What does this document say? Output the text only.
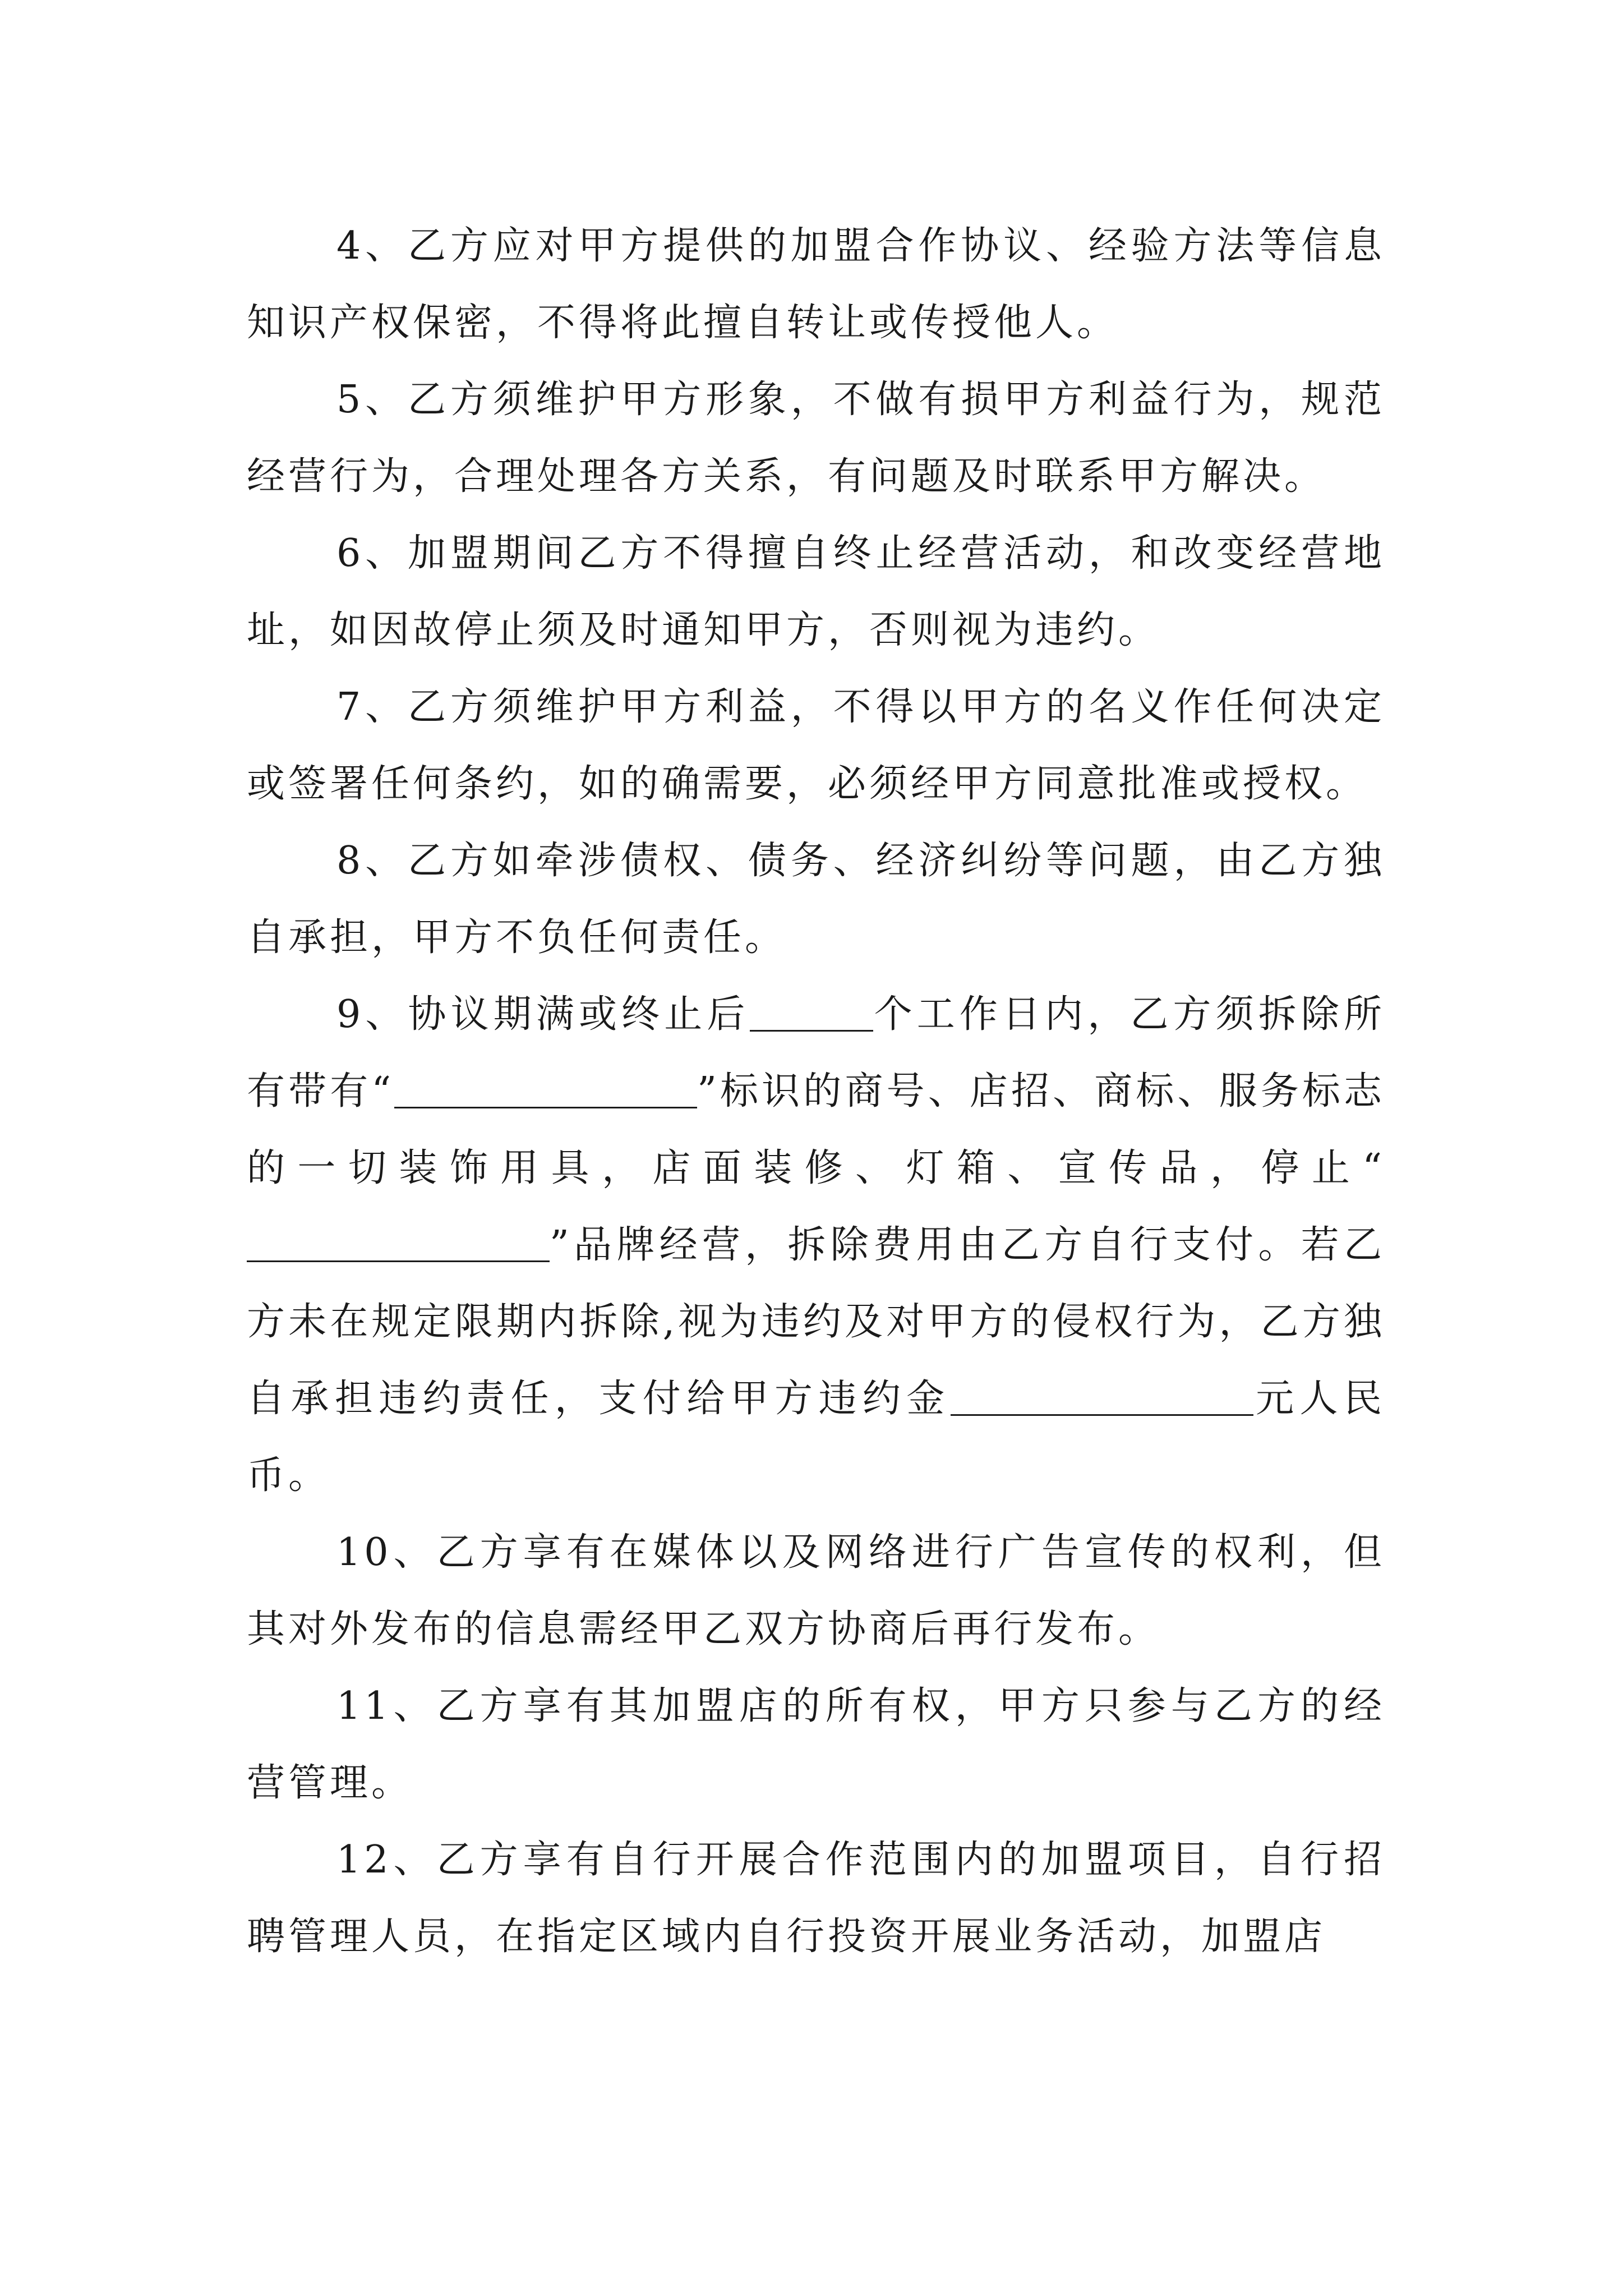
4、乙方应对甲方提供的加盟合作协议、经验方法等信息知识产权保密，不得将此擅自转让或传授他人。

5、乙方须维护甲方形象，不做有损甲方利益行为，规范经营行为，合理处理各方关系，有问题及时联系甲方解决。

6、加盟期间乙方不得擅自终止经营活动，和改变经营地址，如因故停止须及时通知甲方，否则视为违约。

7、乙方须维护甲方利益，不得以甲方的名义作任何决定或签署任何条约，如的确需要，必须经甲方同意批准或授权。

8、乙方如牵涉债权、债务、经济纠纷等问题，由乙方独自承担，甲方不负任何责任。

9、协议期满或终止后	个工作日内，乙方须拆除所有带有“	”标识的商号、店招、商标、服务标志的一切装饰用具，店面装修、灯箱、宣传品，停止“”品牌经营，拆除费用由乙方自行支付。若乙方未在规定限期内拆除,视为违约及对甲方的侵权行为，乙方独自承担违约责任，支付给甲方违约金	元人民币。

10、乙方享有在媒体以及网络进行广告宣传的权利，但其对外发布的信息需经甲乙双方协商后再行发布。

11、乙方享有其加盟店的所有权，甲方只参与乙方的经营管理。

12、乙方享有自行开展合作范围内的加盟项目，自行招聘管理人员，在指定区域内自行投资开展业务活动，加盟店
